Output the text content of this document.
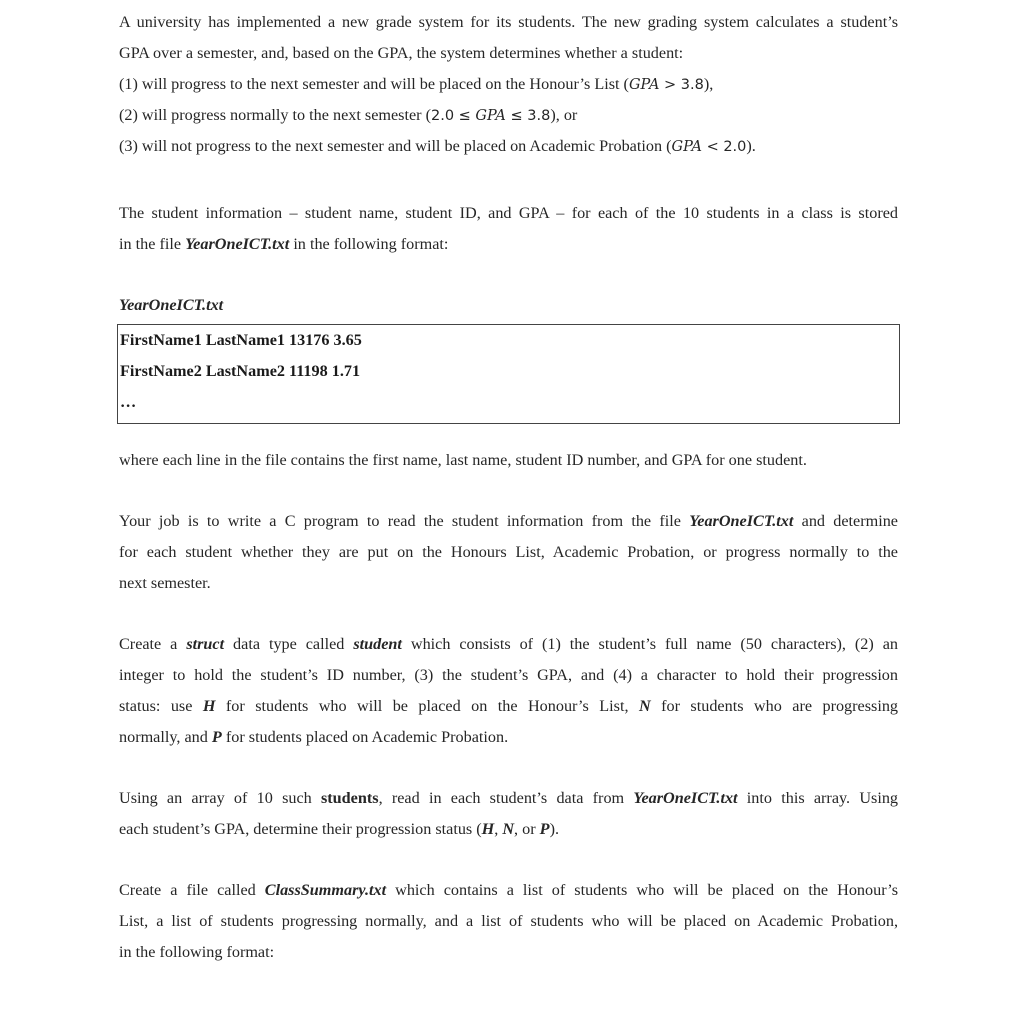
A university has implemented a new grade system for its students. The new grading system calculates a student’s
GPA over a semester, and, based on the GPA, the system determines whether a student:
(1) will progress to the next semester and will be placed on the Honour’s List (GPA > 3.8),
(2) will progress normally to the next semester (2.0 ≤ GPA ≤ 3.8), or
(3) will not progress to the next semester and will be placed on Academic Probation (GPA < 2.0).
The student information – student name, student ID, and GPA – for each of the 10 students in a class is stored
in the file YearOneICT.txt in the following format:
YearOneICT.txt
FirstName1 LastName1 13176 3.65
FirstName2 LastName2 11198 1.71
…
where each line in the file contains the first name, last name, student ID number, and GPA for one student.
Your job is to write a C program to read the student information from the file YearOneICT.txt and determine
for each student whether they are put on the Honours List, Academic Probation, or progress normally to the
next semester.
Create a struct data type called student which consists of (1) the student’s full name (50 characters), (2) an
integer to hold the student’s ID number, (3) the student’s GPA, and (4) a character to hold their progression
status: use H for students who will be placed on the Honour’s List, N for students who are progressing
normally, and P for students placed on Academic Probation.
Using an array of 10 such students, read in each student’s data from YearOneICT.txt into this array. Using
each student’s GPA, determine their progression status (H, N, or P).
Create a file called ClassSummary.txt which contains a list of students who will be placed on the Honour’s
List, a list of students progressing normally, and a list of students who will be placed on Academic Probation,
in the following format:
